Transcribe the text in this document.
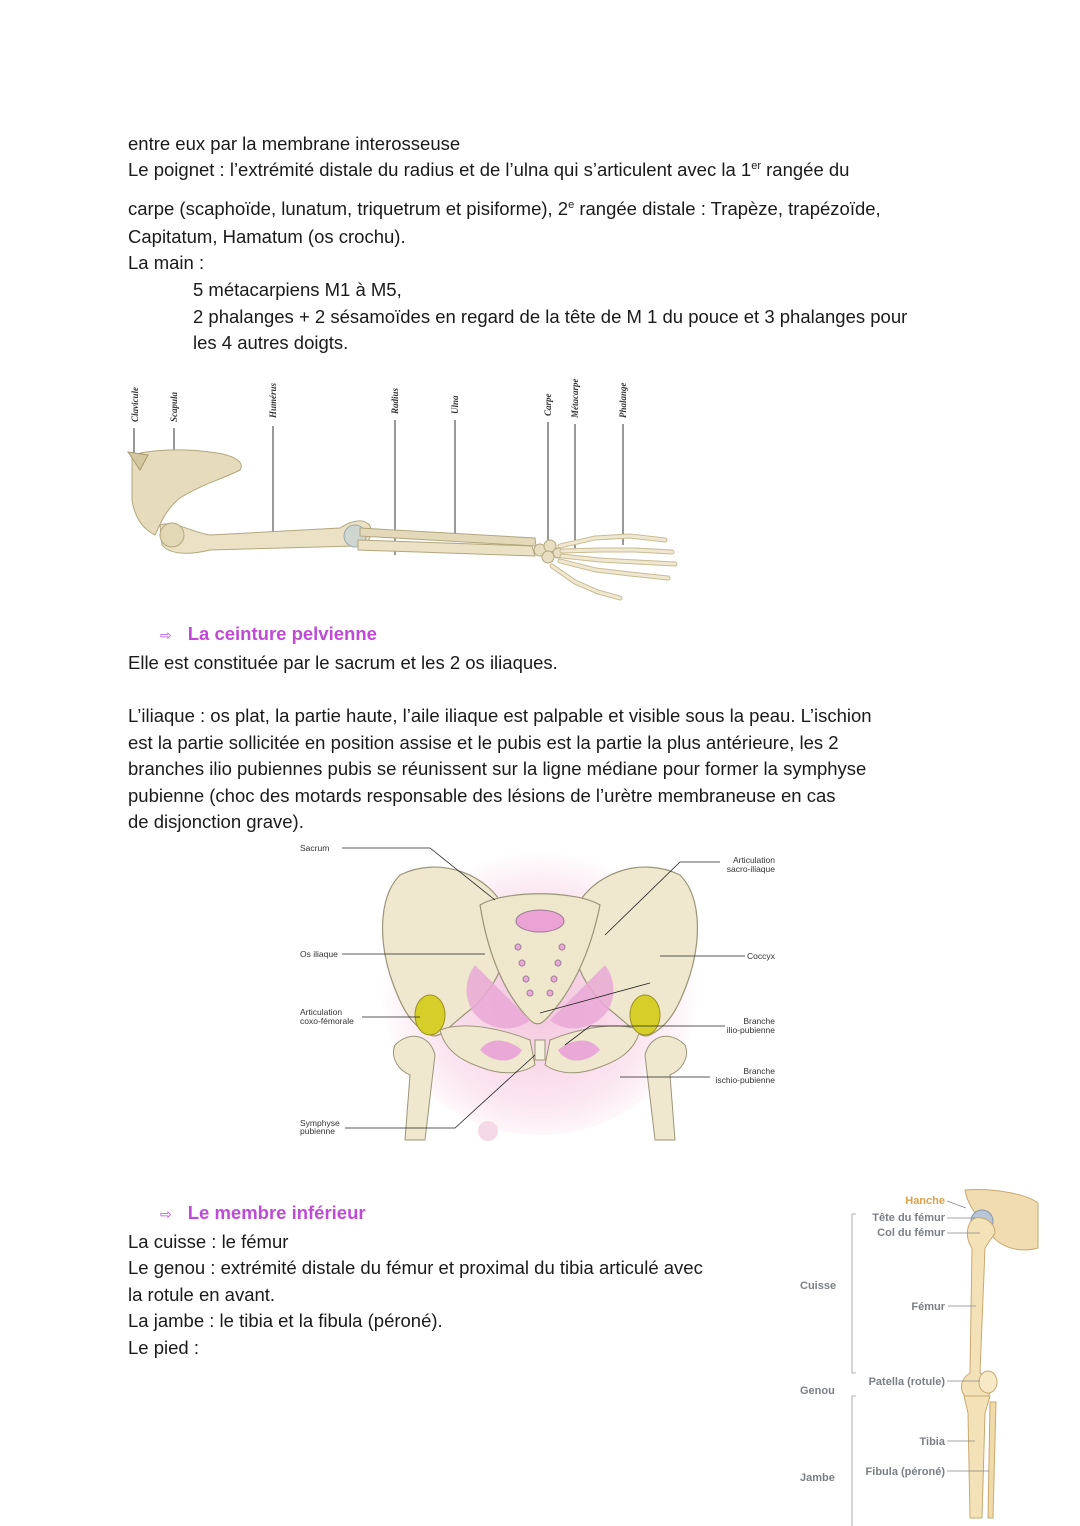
entre eux par la membrane interosseuse
Le poignet : l’extrémité distale du radius et de l’ulna qui s’articulent avec la 1er rangée du
carpe (scaphoïde, lunatum, triquetrum et pisiforme), 2e rangée distale : Trapèze, trapézoïde,
Capitatum, Hamatum (os crochu).
La main :
5 métacarpiens M1 à M5,
2 phalanges + 2 sésamoïdes en regard de la tête de M 1 du pouce et 3 phalanges pour
les 4 autres doigts.
Clavicule	Scapula	Humérus	Radius	Ulna	Carpe Métacarpe	Phalange
⇨ La ceinture pelvienne
Elle est constituée par le sacrum et les 2 os iliaques.
L’iliaque : os plat, la partie haute, l’aile iliaque est palpable et visible sous la peau. L’ischion
est la partie sollicitée en position assise et le pubis est la partie la plus antérieure, les 2
branches ilio pubiennes pubis se réunissent sur la ligne médiane pour former la symphyse
pubienne (choc des motards responsable des lésions de l’urètre membraneuse en cas
de disjonction grave).
Sacrum
Articulation
sacro-iliaque
Os iliaque	Coccyx
Articulation
coxo-fémorale	Branche
ilio-pubienne
Branche
ischio-pubienne
Symphyse
pubienne
⇨ Le membre inférieur
La cuisse : le fémur
Le genou : extrémité distale du fémur et proximal du tibia articulé avec
la rotule en avant.
La jambe : le tibia et la fibula (péroné).
Le pied :
Hanche
Tête du fémur
Col du fémur
Cuisse
Fémur
Genou
Patella (rotule)
Tibia
Jambe	Fibula (péroné)
